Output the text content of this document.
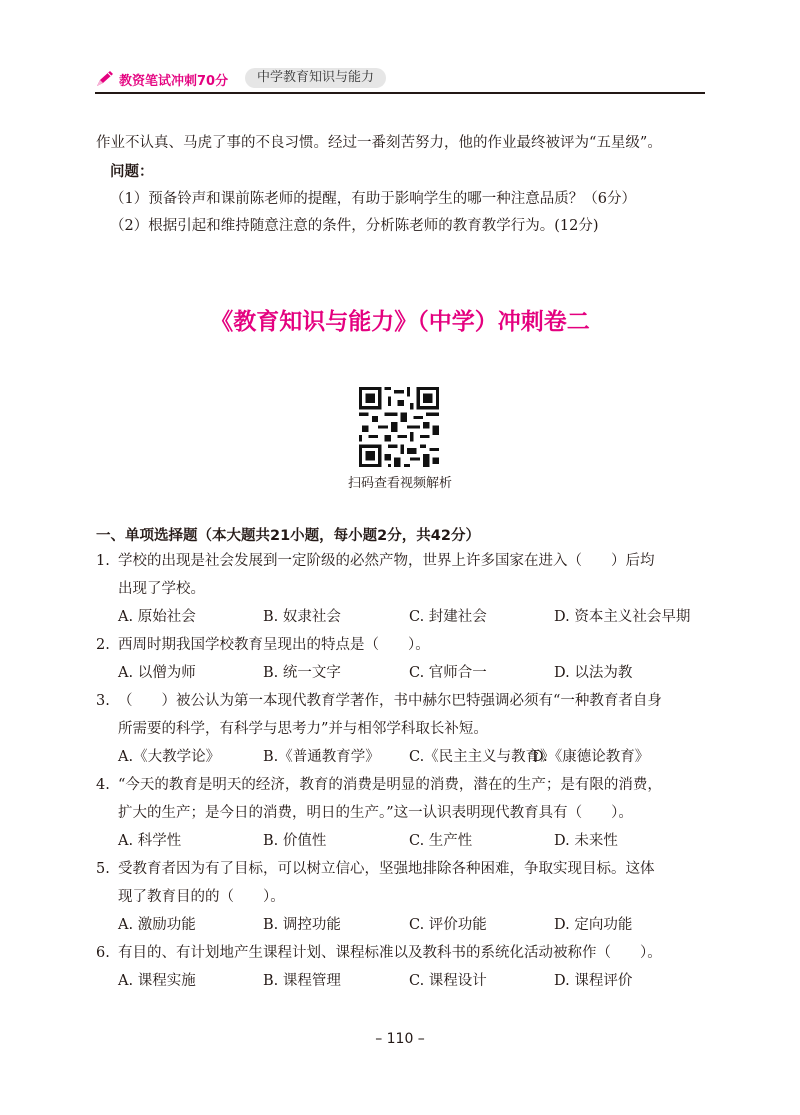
教资笔试冲刺70分	中学教育知识与能力
作业不认真、马虎了事的不良习惯。经过一番刻苦努力，他的作业最终被评为“五星级”。
问题：
（1）预备铃声和课前陈老师的提醒，有助于影响学生的哪一种注意品质？（6分）
（2）根据引起和维持随意注意的条件，分析陈老师的教育教学行为。(12分)
《教育知识与能力》（中学）冲刺卷二
扫码查看视频解析
一、单项选择题（本大题共21小题，每小题2分，共42分）
1. 学校的出现是社会发展到一定阶级的必然产物，世界上许多国家在进入（　　）后均
出现了学校。
A. 原始社会	B. 奴隶社会	C. 封建社会	D. 资本主义社会早期
2. 西周时期我国学校教育呈现出的特点是（　　）。
A. 以僧为师	B. 统一文字	C. 官师合一	D. 以法为教
3. （　　）被公认为第一本现代教育学著作，书中赫尔巴特强调必须有“一种教育者自身
所需要的科学，有科学与思考力”并与相邻学科取长补短。
A.《大教学论》	B.《普通教育学》 C.《民主主义与教育》
D.《康德论教育》
4. “今天的教育是明天的经济，教育的消费是明显的消费，潜在的生产；是有限的消费，
扩大的生产；是今日的消费，明日的生产。”这一认识表明现代教育具有（　　）。
A. 科学性	B. 价值性	C. 生产性	D. 未来性
5. 受教育者因为有了目标，可以树立信心，坚强地排除各种困难，争取实现目标。这体
现了教育目的的（　　）。
A. 激励功能	B. 调控功能	C. 评价功能	D. 定向功能
6. 有目的、有计划地产生课程计划、课程标准以及教科书的系统化活动被称作（　　）。
A. 课程实施	B. 课程管理	C. 课程设计	D. 课程评价
– 110 –
